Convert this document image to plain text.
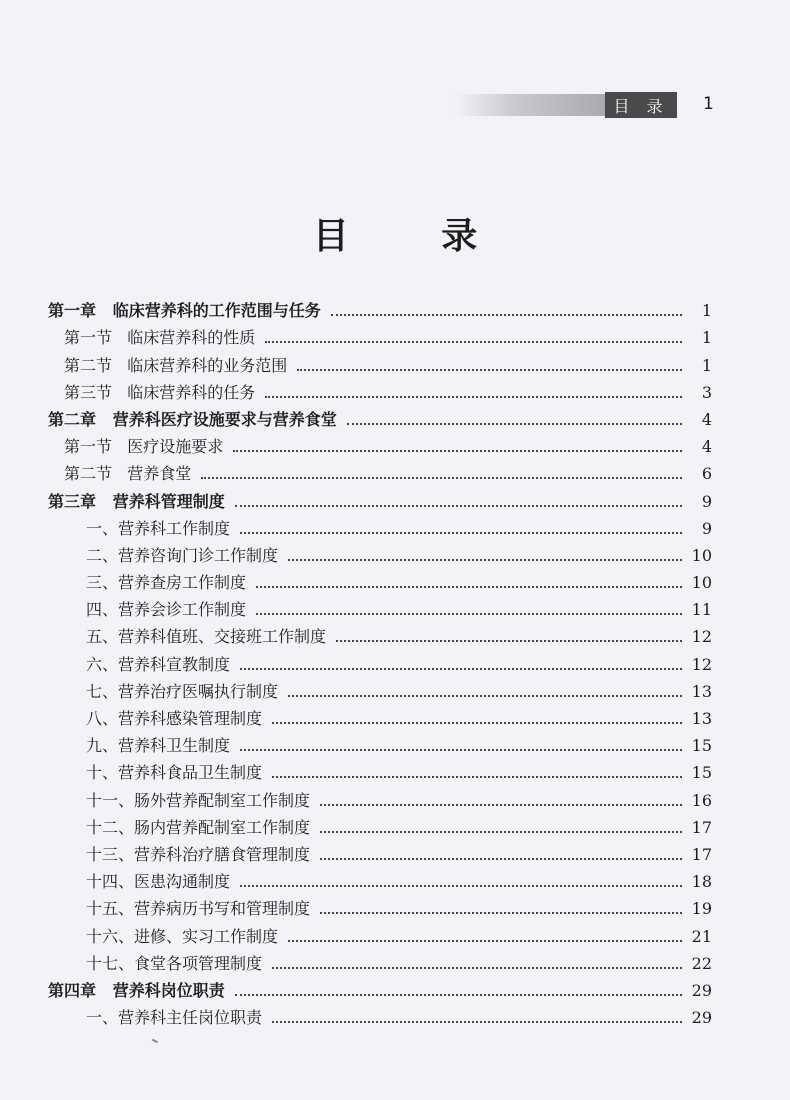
目 录	1
目 录
第一章   临床营养科的工作范围与任务	1
第一节   临床营养科的性质	1
第二节   临床营养科的业务范围	1
第三节   临床营养科的任务	3
第二章   营养科医疗设施要求与营养食堂	4
第一节   医疗设施要求	4
第二节   营养食堂	6
第三章   营养科管理制度	9
一、营养科工作制度	9
二、营养咨询门诊工作制度	10
三、营养查房工作制度	10
四、营养会诊工作制度	11
五、营养科值班、交接班工作制度	12
六、营养科宣教制度	12
七、营养治疗医嘱执行制度	13
八、营养科感染管理制度	13
九、营养科卫生制度	15
十、营养科食品卫生制度	15
十一、肠外营养配制室工作制度	16
十二、肠内营养配制室工作制度	17
十三、营养科治疗膳食管理制度	17
十四、医患沟通制度	18
十五、营养病历书写和管理制度	19
十六、进修、实习工作制度	21
十七、食堂各项管理制度	22
第四章   营养科岗位职责	29
一、营养科主任岗位职责	29
